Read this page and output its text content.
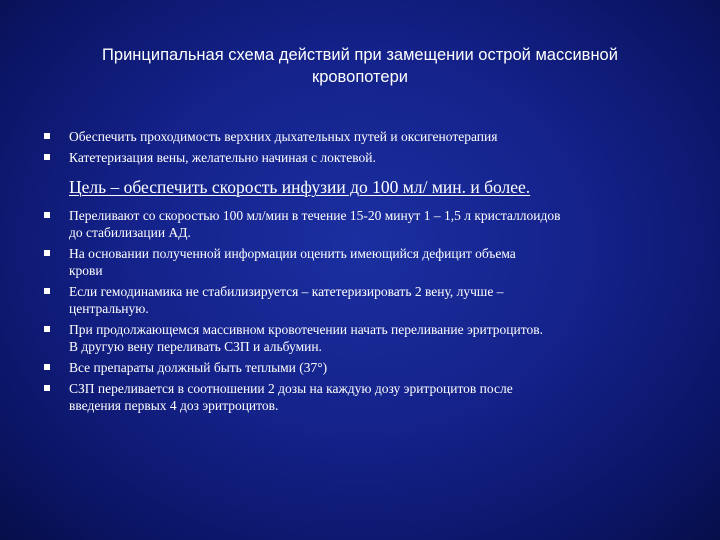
Принципальная схема действий при замещении острой массивной
кровопотери
Обеспечить проходимость верхних дыхательных путей и оксигенотерапия
Катетеризация вены, желательно начиная с локтевой.
Цель – обеспечить скорость инфузии до 100 мл/ мин. и более.
Переливают со скоростью 100 мл/мин в течение 15-20 минут 1 – 1,5 л кристаллоидов
до стабилизации АД.
На основании полученной информации оценить имеющийся дефицит объема
крови
Если гемодинамика не стабилизируется – катетеризировать 2 вену, лучше –
центральную.
При продолжающемся массивном кровотечении начать переливание эритроцитов.
В другую вену переливать СЗП и альбумин.
Все препараты должный быть теплыми (37°)
СЗП переливается в соотношении 2 дозы на каждую дозу эритроцитов после
введения первых 4 доз эритроцитов.
